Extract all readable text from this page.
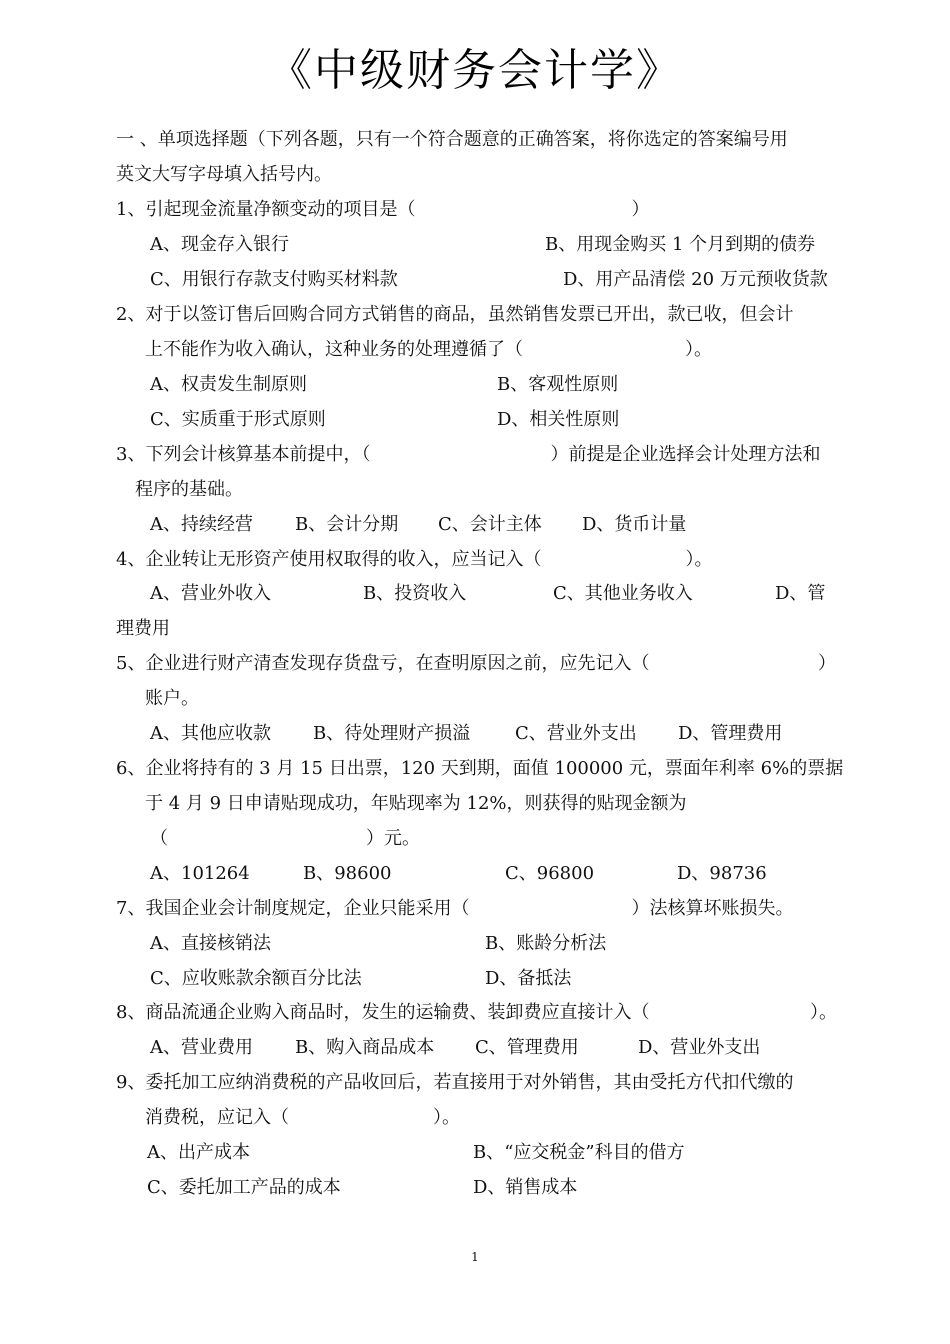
《中级财务会计学》
一 、单项选择题（下列各题，只有一个符合题意的正确答案，将你选定的答案编号用
英文大写字母填入括号内。
1、引起现金流量净额变动的项目是（　　　　　　　　　　　　）
A、现金存入银行	B、用现金购买 1 个月到期的债券
C、用银行存款支付购买材料款	D、用产品清偿 20 万元预收货款
2、对于以签订售后回购合同方式销售的商品，虽然销售发票已开出，款已收，但会计
上不能作为收入确认，这种业务的处理遵循了（　　　　　　　　　）。
A、权责发生制原则	B、客观性原则
C、实质重于形式原则	D、相关性原则
3、下列会计核算基本前提中，（　　　　　　　　　　）前提是企业选择会计处理方法和
程序的基础。
A、持续经营 B、会计分期 C、会计主体 D、货币计量
4、企业转让无形资产使用权取得的收入，应当记入（　　　　　　　　）。
A、营业外收入	B、投资收入	C、其他业务收入	D、管
理费用
5、企业进行财产清查发现存货盘亏，在查明原因之前，应先记入（	）
账户。
A、其他应收款 B、待处理财产损溢 C、营业外支出 D、管理费用
6、企业将持有的 3 月 15 日出票，120 天到期，面值 100000 元，票面年利率 6%的票据
于 4 月 9 日申请贴现成功，年贴现率为 12%，则获得的贴现金额为
（　　　　　　　　　　　）元。
A、101264	B、98600	C、96800	D、98736
7、我国企业会计制度规定，企业只能采用（　　　　　　　　　）法核算坏账损失。
A、直接核销法	B、账龄分析法
C、应收账款余额百分比法	D、备抵法
8、商品流通企业购入商品时，发生的运输费、装卸费应直接计入（	）。
A、营业费用 B、购入商品成本 C、管理费用	D、营业外支出
9、委托加工应纳消费税的产品收回后，若直接用于对外销售，其由受托方代扣代缴的
消费税，应记入（　　　　　　　　）。
A、出产成本	B、“应交税金”科目的借方
C、委托加工产品的成本	D、销售成本
1
